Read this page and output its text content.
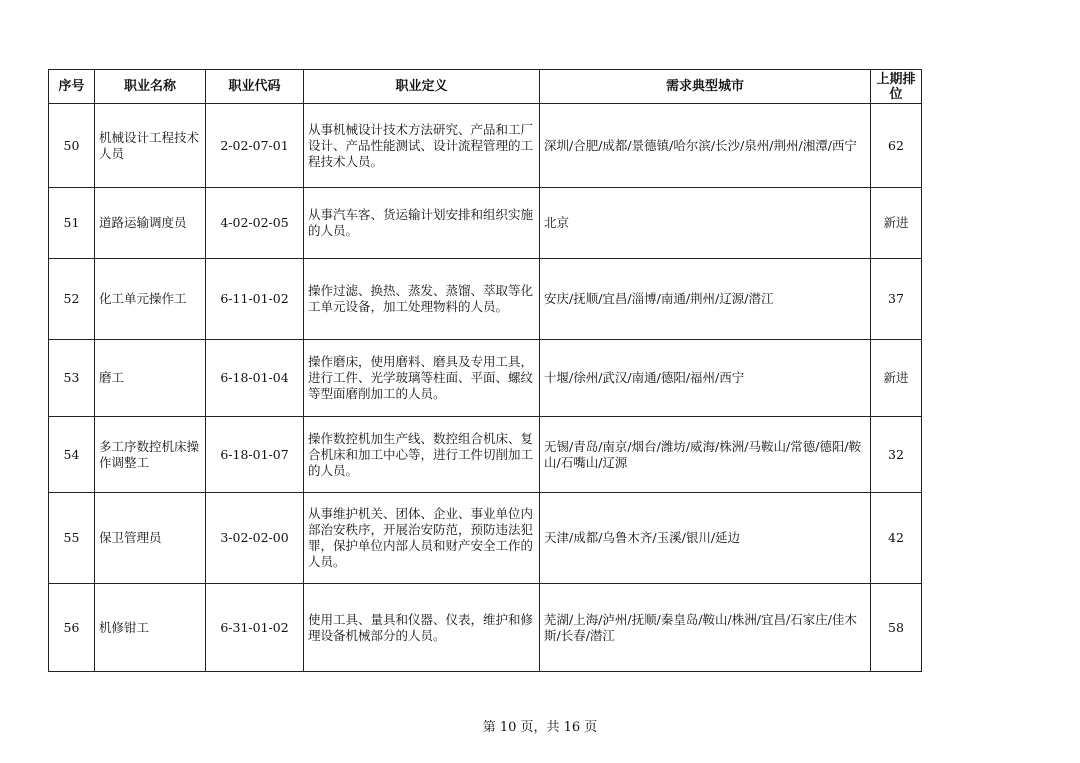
序号	职业名称	职业代码	职业定义	需求典型城市	上期排位
50	机械设计工程技术人员	2-02-07-01	从事机械设计技术方法研究、产品和工厂设计、产品性能测试、设计流程管理的工程技术人员。	深圳/合肥/成都/景德镇/哈尔滨/长沙/泉州/荆州/湘潭/西宁	62
51	道路运输调度员	4-02-02-05	从事汽车客、货运输计划安排和组织实施的人员。	北京	新进
52	化工单元操作工	6-11-01-02	操作过滤、换热、蒸发、蒸馏、萃取等化工单元设备，加工处理物料的人员。	安庆/抚顺/宜昌/淄博/南通/荆州/辽源/潜江	37
53	磨工	6-18-01-04	操作磨床，使用磨料、磨具及专用工具，进行工件、光学玻璃等柱面、平面、螺纹等型面磨削加工的人员。	十堰/徐州/武汉/南通/德阳/福州/西宁	新进
54	多工序数控机床操作调整工	6-18-01-07	操作数控机加生产线、数控组合机床、复合机床和加工中心等，进行工件切削加工的人员。	无锡/青岛/南京/烟台/潍坊/威海/株洲/马鞍山/常德/德阳/鞍山/石嘴山/辽源	32
55	保卫管理员	3-02-02-00	从事维护机关、团体、企业、事业单位内部治安秩序，开展治安防范，预防违法犯罪，保护单位内部人员和财产安全工作的人员。	天津/成都/乌鲁木齐/玉溪/银川/延边	42
56	机修钳工	6-31-01-02	使用工具、量具和仪器、仪表，维护和修理设备机械部分的人员。	芜湖/上海/泸州/抚顺/秦皇岛/鞍山/株洲/宜昌/石家庄/佳木斯/长春/潜江	58
第 10 页，共 16 页
